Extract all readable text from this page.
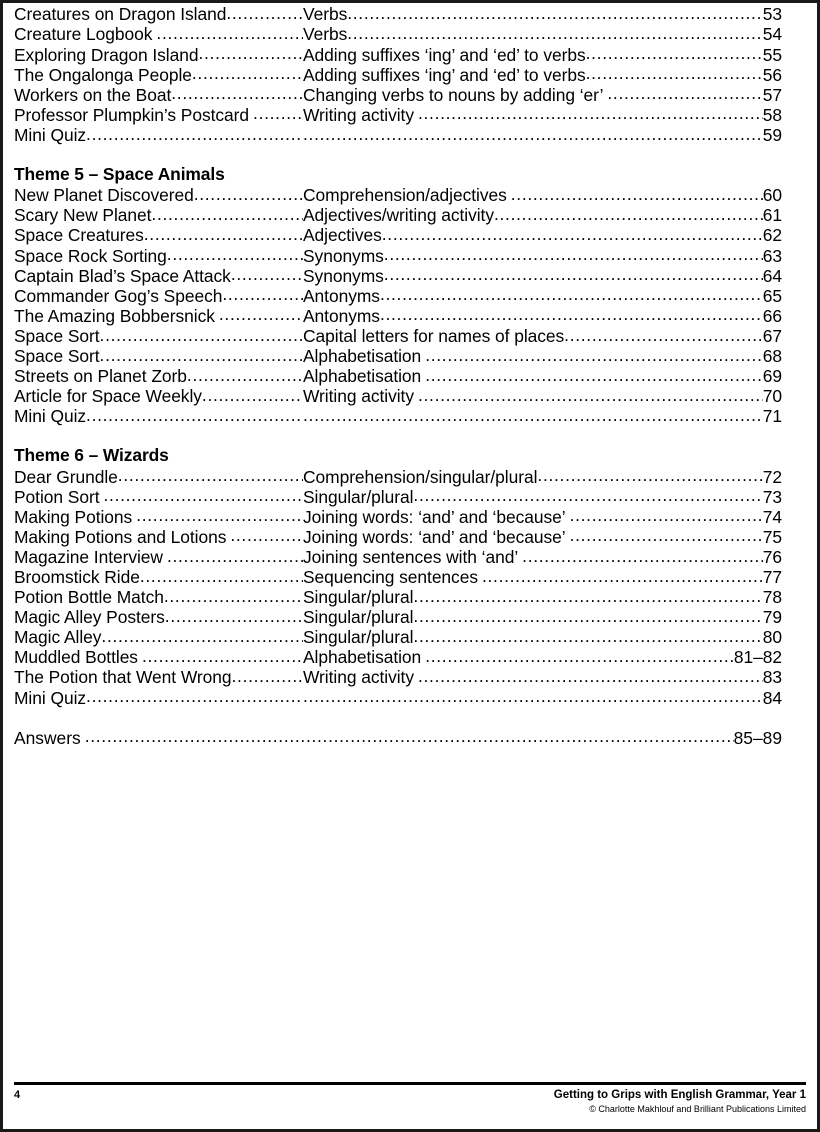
Creatures on Dragon Island .....	Verbs .....	53
Creature Logbook .....	Verbs .....	54
Exploring Dragon Island .....	Adding suffixes ‘ing’ and ‘ed’ to verbs .....	55
The Ongalonga People .....	Adding suffixes ‘ing’ and ‘ed’ to verbs .....	56
Workers on the Boat .....	Changing verbs to nouns by adding ‘er’ .....	57
Professor Plumpkin’s Postcard .....	Writing activity .....	58
Mini Quiz ..... .....	59
Theme 5 – Space Animals
New Planet Discovered .....	Comprehension/adjectives .....	60
Scary New Planet .....	Adjectives/writing activity .....	61
Space Creatures .....	Adjectives .....	62
Space Rock Sorting .....	Synonyms .....	63
Captain Blad’s Space Attack .....	Synonyms .....	64
Commander Gog’s Speech .....	Antonyms .....	65
The Amazing Bobbersnick .....	Antonyms .....	66
Space Sort .....	Capital letters for names of places .....	67
Space Sort .....	Alphabetisation .....	68
Streets on Planet Zorb .....	Alphabetisation .....	69
Article for Space Weekly .....	Writing activity .....	70
Mini Quiz ..... .....	71
Theme 6 – Wizards
Dear Grundle .....	Comprehension/singular/plural .....	72
Potion Sort .....	Singular/plural .....	73
Making Potions .....	Joining words: ‘and’ and ‘because’ .....	74
Making Potions and Lotions .....	Joining words: ‘and’ and ‘because’ .....	75
Magazine Interview .....	Joining sentences with ‘and’ .....	76
Broomstick Ride .....	Sequencing sentences .....	77
Potion Bottle Match .....	Singular/plural .....	78
Magic Alley Posters .....	Singular/plural .....	79
Magic Alley .....	Singular/plural .....	80
Muddled Bottles .....	Alphabetisation .....	81–82
The Potion that Went Wrong .....	Writing activity .....	83
Mini Quiz ..... .....	84
Answers .....	85–89
4	Getting to Grips with English Grammar, Year 1
© Charlotte Makhlouf and Brilliant Publications Limited
